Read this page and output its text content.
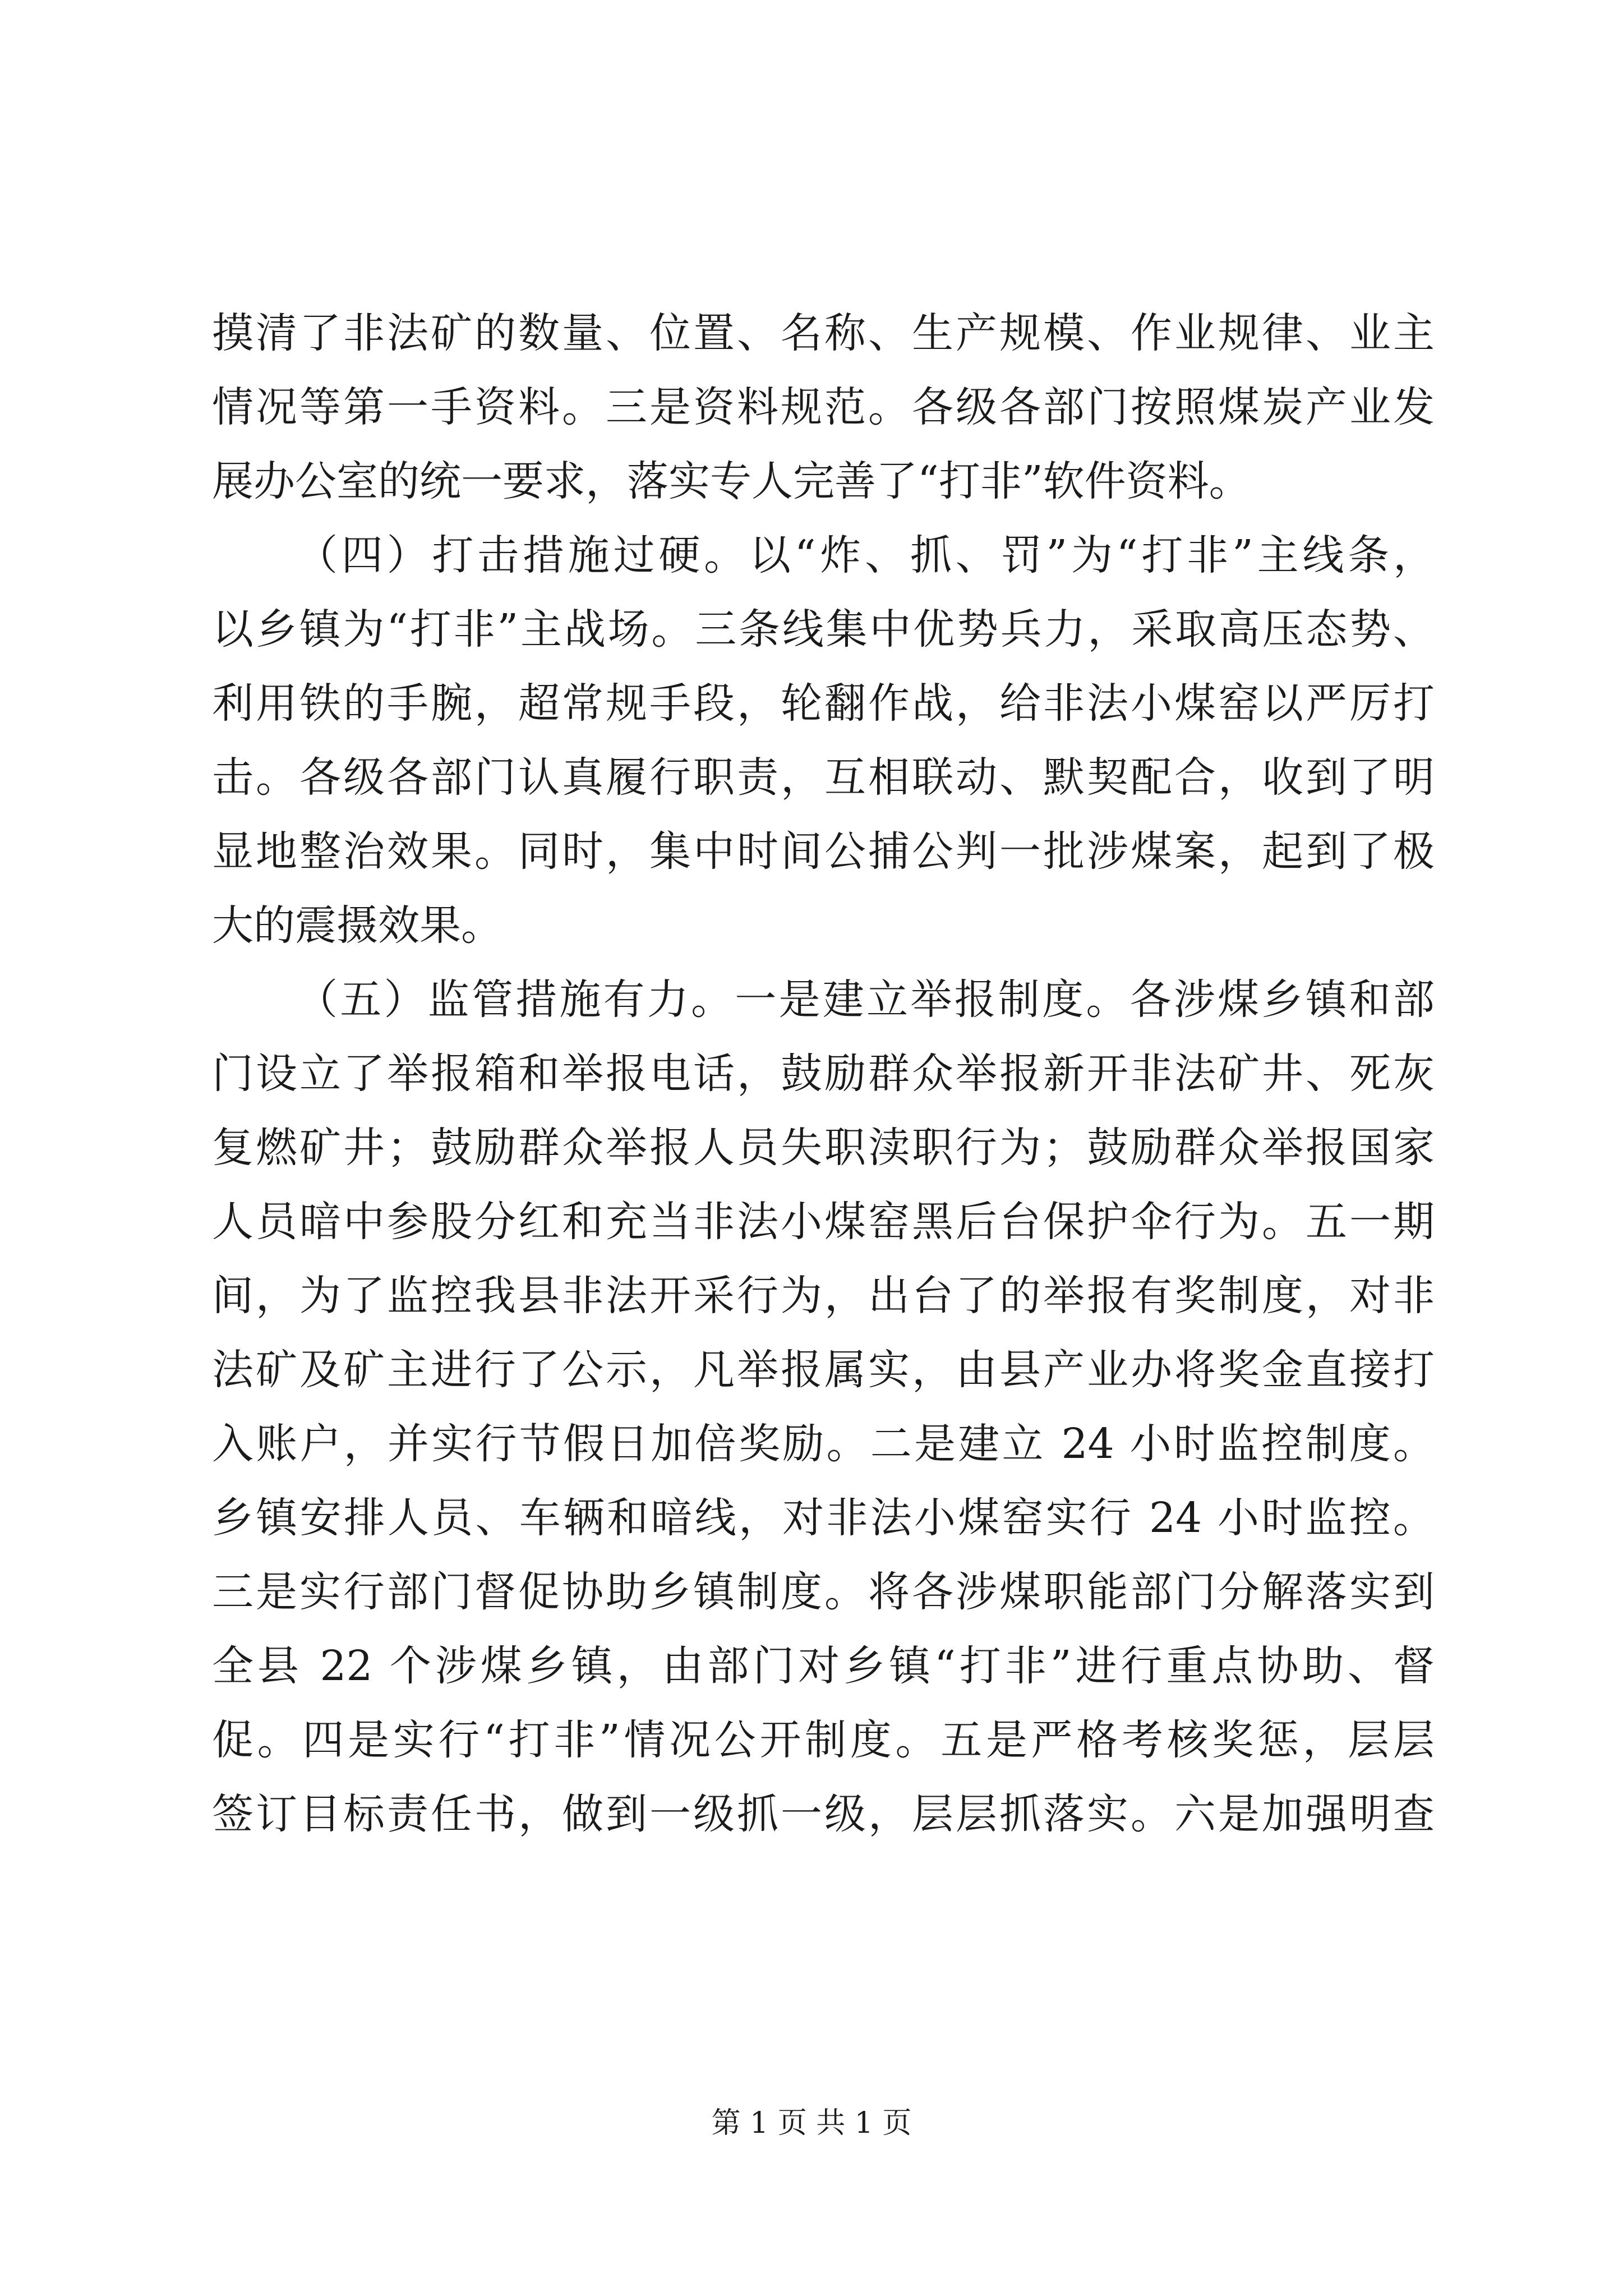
摸清了非法矿的数量、位置、名称、生产规模、作业规律、业主
情况等第一手资料。三是资料规范。各级各部门按照煤炭产业发
展办公室的统一要求，落实专人完善了“打非”软件资料。
（四）打击措施过硬。以“炸、抓、罚”为“打非”主线条，
以乡镇为“打非”主战场。三条线集中优势兵力，采取高压态势、
利用铁的手腕，超常规手段，轮翻作战，给非法小煤窑以严厉打
击。各级各部门认真履行职责，互相联动、默契配合，收到了明
显地整治效果。同时，集中时间公捕公判一批涉煤案，起到了极
大的震摄效果。
（五）监管措施有力。一是建立举报制度。各涉煤乡镇和部
门设立了举报箱和举报电话，鼓励群众举报新开非法矿井、死灰
复燃矿井；鼓励群众举报人员失职渎职行为；鼓励群众举报国家
人员暗中参股分红和充当非法小煤窑黑后台保护伞行为。五一期
间，为了监控我县非法开采行为，出台了的举报有奖制度，对非
法矿及矿主进行了公示，凡举报属实，由县产业办将奖金直接打
入账户，并实行节假日加倍奖励。二是建立 24 小时监控制度。
乡镇安排人员、车辆和暗线，对非法小煤窑实行 24 小时监控。
三是实行部门督促协助乡镇制度。将各涉煤职能部门分解落实到
全县 22 个涉煤乡镇，由部门对乡镇“打非”进行重点协助、督
促。四是实行“打非”情况公开制度。五是严格考核奖惩，层层
签订目标责任书，做到一级抓一级，层层抓落实。六是加强明查
第 1 页 共 1 页
